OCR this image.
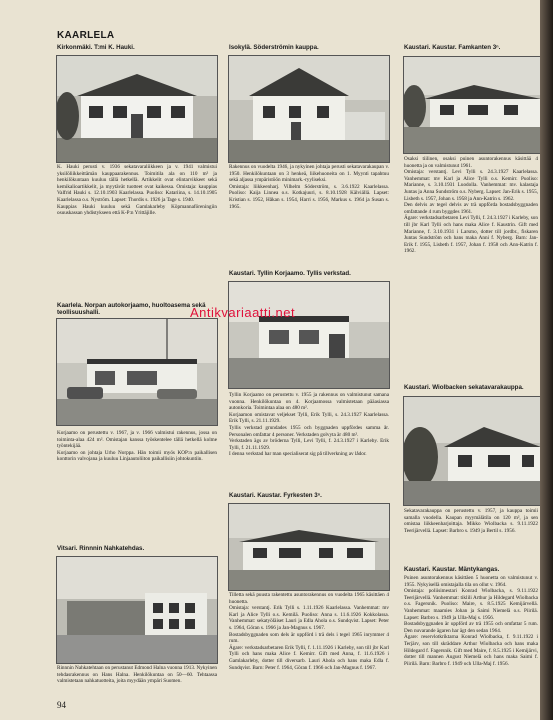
KAARLELA
Kirkonmäki. T:mi K. Hauki.
K. Hauki perusti v. 1936 sekatavaraliikkeen ja v. 1941 valmistui yksilöliikkeittämän kauppaarakennus. Toimitila ala on 110 m² ja henkilökuntaan kuuluu tällä hetkellä. Artikkelit ovat elintarvikkeet sekä kemikalioartikkelit, ja myytävät tuotteet ovat kaikessa. Omistaja: kauppias Valfrid Hauki s. 12.10.1903 Kaarlelassa. Puoliso: Katariina, s. 14.10.1905 Kaarlelassa o.s. Nyström. Lapset: Thordis s. 1926 ja Tage s. 1940.
Kauppias Hauki kuuluu sekä Gamlakarleby Köpmannaföreningiin osuuskassan yhdistykseen että K-P:n Yrittäjille.
Kaarlela. Norpan autokorjaamo, huoltoasema sekä teollisuushalli.
Korjaamo on perustettu v. 1967, ja v. 1966 valmistui rakennus, jossa on toiminta-alaa 424 m². Omistajan kanssa työskentelee tällä hetkellä kolme työntekijää.
Korjaamo on johtaja Urho Norppa. Hän toimii myös KOP:n paikallisen konttorin valvojana ja kuuluu Linjaautoliiton paikallisiin johtokuntiin.
Vitsari. Rinnnin Nahkatehdas.
Rinnnin Nahkatehtaan on perustanut Edmond Halna vuonna 1913. Nykyinen tehdasrakennus on Hans Halna. Henkilökuntaa on 50—60. Tehtaassa valmistetaan nahkatuotteita, joita myydään ympäri Suomen.
Isokylä. Söderströmin kauppa.
Rakennus on vuodelta 1946, ja nykyinen johtaja perusti sekatavarakaupan v. 1950. Henkilökuntaan on 3 henkeä, liikehuoneita on 1. Myynti tapahtuu sekä aljassa ympäristöön minimark.-ryyliseksi.
Omistaja: liikkeenharj. Vilhelm Söderström, s. 3.6.1922 Kaarlelassa. Puoliso: Kaija Linnea o.s. Kotkajuuri, s. 8.10.1928 Kälviällä. Lapset: Kristian s. 1952, Håkan s. 1954, Harri s. 1956, Markus s. 1964 ja Susan s. 1965.
Kaustari. Tyllin Korjaamo. Tyllis verkstad.
Tyllin Korjaamo on perustettu v. 1955 ja rakennus on valmistunut samana vuonna. Henkilökuntaa on 4. Korjaamossa valmistetaan pääasiassa autonkoria. Toimintaa alaa on 480 m².
Korjaamon omistavat veljekset Tylli, Erik Tylli, s. 24.3.1927 Kaarlelassa. Erik Tylli, s. 21.11.1929.
Tyllis verkstad grundades 1955 och byggnaden uppfördes samma år. Personalen omfattar 4 personer. Verkstaden golvyta är 480 m².
Verkstaden ägs av bröderna Tylli, Levi Tylli, f. 24.3.1927 i Karleby. Erik Tylli, f. 21.11.1929.
I denna verkstad har man specialiserat sig på tillverkning av lådor.
Kaustari. Kaustar. Fyrkesten 3ⁿ.
Tilletta sekä puusta rakentettu asuntorakennus on vuodelta 1965 käsittäen 4 huonetta.
Omistaja: verstantj. Erik Tylli s. 1.11.1926 Kaarlelassa. Vanhemmat: mv Karl ja Alice Tylli o.s. Kemilä. Puoliso: Anna s. 11.6.1926 Kokkolassa. Vanhemmat: sekatyöläiset Lauri ja Edla Ahola o.s. Sundqvist. Lapset: Peter s. 1964, Göran s. 1966 ja Jan-Magnus s. 1967.
Bostadsbyggnaden som dels är uppförd i trä dels i tegel 1965 inrymmer 4 rum.
Ägare: verkstadsarbetaren Erik Tylli, f. 1.11.1926 i Karleby, son till jbr Karl Tylli och hans maka Alice f. Kemirr. Gift med Anna, f. 11.6.1926 i Gamlakarleby, dotter till diversarb. Lauri Ahola och hans maka Edla f. Sundqvist. Barn: Peter f. 1964, Göran f. 1966 och Jan-Magnus f. 1967.
Kaustari. Kaustar. Famkanten 3ⁿ.
Osaksi tiilinen, osaksi puinen asuntorakennus käsittää 4 huonetta ja on valmistunut 1961.
Omistaja: verstantj. Levi Tylli s. 24.3.1927 Kaarlelassa. Vanhemmat: mv Karl ja Alice Tylli o.s. Kemirr. Puoliso: Marianne, s. 3.10.1931 Luodolla. Vanhemmat: mv. kalastaja Juntas ja Anna Sundström o.s. Nyberg. Lapset: Jan-Erik s. 1955, Lisbeth s. 1957, Johan s. 1958 ja Ann-Katrin s. 1962.
Den delvis av tegel delvis av trä uppförda bostadsbyggnaden omfattande 4 rum byggdes 1961.
Ägare: verkstadsarbetaren Levi Tylli, f. 24.3.1927 i Karleby, son till jbr Karl Tylli och hans maka Alice f. Kaustrin. Gift med Marianne, f. 3.10.1931 i Larsmo, dotter till jordbr., fiskaren Juntas Sundström och hans maka Anni f. Nyberg. Barn: Jan-Erik f. 1955, Lisbeth f. 1957, Johan f. 1958 och Ann-Katrin f. 1962.
Kaustari. Wiolbacken sekatavarakauppa.
Sekatavarakauppa on perustettu v. 1957, ja kauppa toimii samalla vuodella. Kaupan myymälätila on 120 m², ja sen omistaa liikkeenharjoittaja. Mikko Wiolbacka s. 9.11.1922 Teerijärvellä. Lapset: Barbro s. 1949 ja Bertil s. 1956.
Kaustari. Kaustar. Mäntykangas.
Puinen asuntorakennus käsittäen 5 huonetta on valmistunut v. 1955. Nykyisellä omistajalla tila on ollut v. 1964.
Omistaja: poliisimestari Konrad Wiolbacka, s. 9.11.1922 Teerijärvellä. Vanhemmat: tiklili Arthur ja Hildegard Wiolbacka o.s. Fagersnik. Puoliso: Maire, s. 8.5.1925 Kemijärvellä. Vanhemmat: maamies Johan ja Saimi Niemelä o.s. Piirilä. Lapset: Barbro s. 1949 ja Ulla-Maj s. 1956.
Bostadsbyggnaden är uppförd av trä 1955 och omfattar 5 rum. Den nuvarande ägaren har ägt den sedan 1964.
Ägare: reservlotkriktarna Konrad Wiolbacka, f. 9.11.1922 i Terjärv, son till skräddare Arthur Wiolbacka och hans maka Hildegard f. Fagersnik. Gift med Maire, f. 8.5.1925 i Kemijärvi, dotter till mannen August Niemelä och hans maka Saimi f. Piirilä. Barn: Barbro f. 1949 och Ulla-Maj f. 1956.
Antikvariaatti.net
94
